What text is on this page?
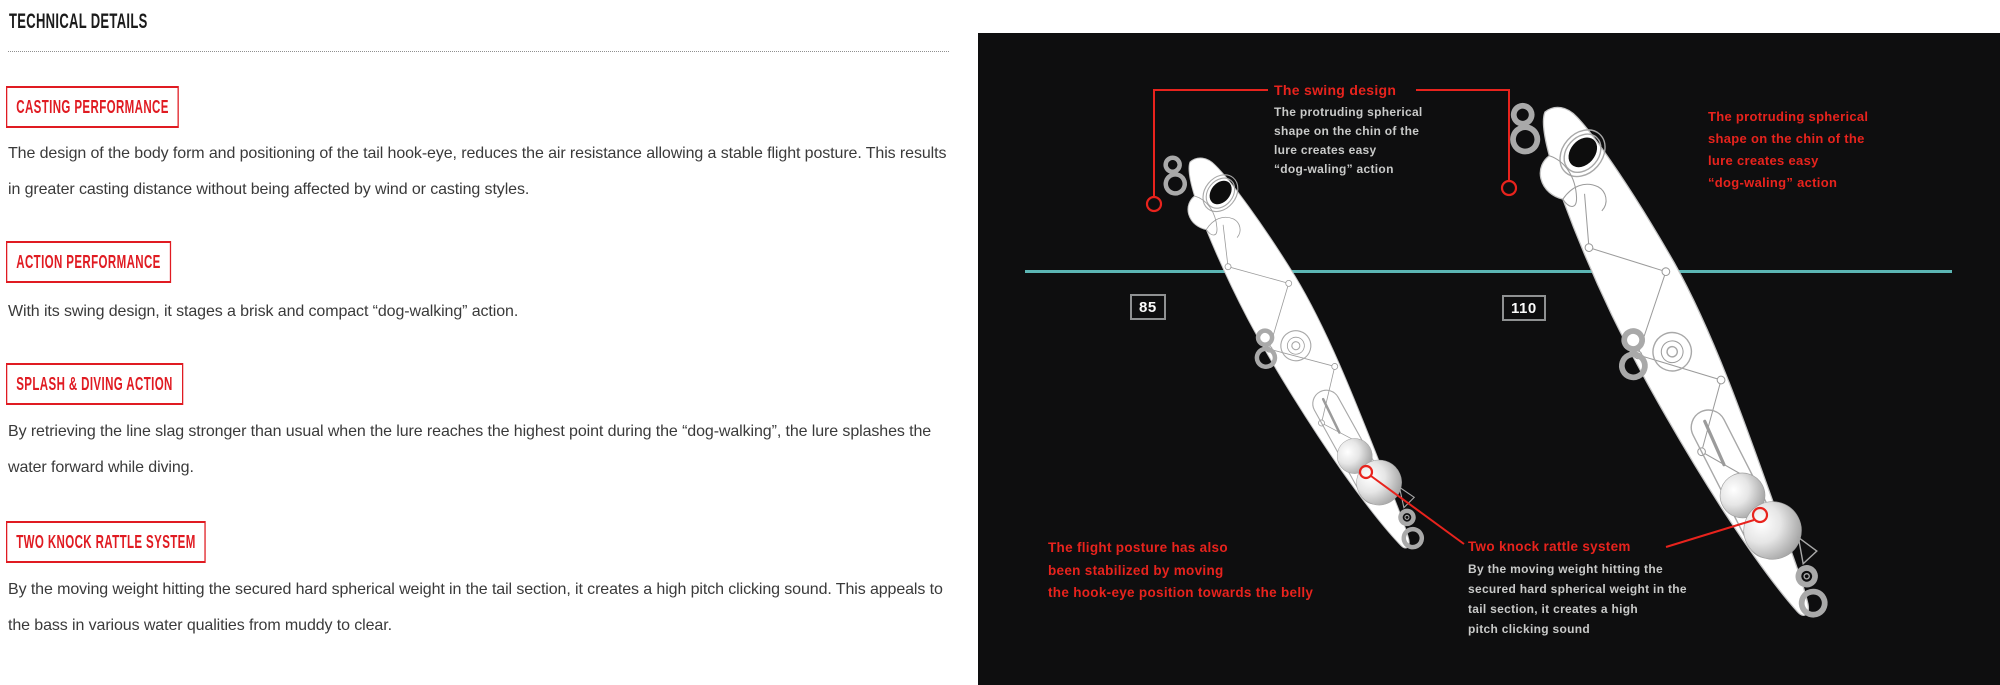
TECHNICAL DETAILS
CASTING PERFORMANCE

The design of the body form and positioning of the tail hook-eye, reduces the air resistance allowing a stable flight posture. This results in greater casting distance without being affected by wind or casting styles.

ACTION PERFORMANCE

With its swing design, it stages a brisk and compact “dog-walking” action.

SPLASH & DIVING ACTION

By retrieving the line slag stronger than usual when the lure reaches the highest point during the “dog-walking”, the lure splashes the water forward while diving.

TWO KNOCK RATTLE SYSTEM

By the moving weight hitting the secured hard spherical weight in the tail section, it creates a high pitch clicking sound. This appeals to the bass in various water qualities from muddy to clear.

85	110
The swing design
The protruding spherical
shape on the chin of the
lure creates easy
“dog-waling” action
The protruding spherical
shape on the chin of the
lure creates easy
“dog-waling” action
The flight posture has also
been stabilized by moving
the hook-eye position towards the belly
Two knock rattle system
By the moving weight hitting the
secured hard spherical weight in the
tail section, it creates a high
pitch clicking sound
